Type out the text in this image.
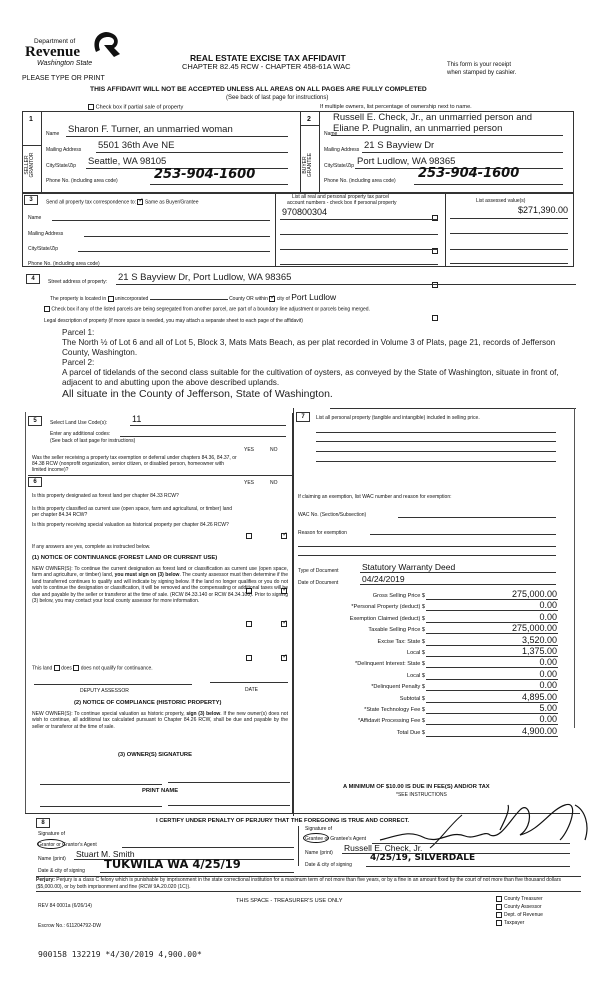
Department of
Revenue
Washington State
PLEASE TYPE OR PRINT
REAL ESTATE EXCISE TAX AFFIDAVIT
CHAPTER 82.45 RCW - CHAPTER 458-61A WAC	This form is your receipt
when stamped by cashier.
THIS AFFIDAVIT WILL NOT BE ACCEPTED UNLESS ALL AREAS ON ALL PAGES ARE FULLY COMPLETED
(See back of last page for instructions)
Check box if partial sale of property	If multiple owners, list percentage of ownership next to name.
1
SELLER
GRANTOR
Name Sharon F. Turner, an unmarried woman
Mailing Address 5501 36th Ave NE
City/State/Zip Seattle, WA 98105
Phone No. (including area code)	253-904-1600
2
BUYER
GRANTEE
Russell E. Check, Jr., an unmarried person and
Name
Eliane P. Pugnalin, an unmarried person
Mailing Address 21 S Bayview Dr
City/State/Zip Port Ludlow, WA 98365
Phone No. (including area code) 253-904-1600
3	Send all property tax correspondence to: ✓ Same as Buyer/Grantee
Name
Mailing Address
City/State/Zip
Phone No. (including area code)
List all real and personal property tax parcel
account numbers - check box if personal property	List assessed value(s)
970800304	$271,390.00
4	Street address of property: 21 S Bayview Dr, Port Ludlow, WA 98365
The property is located in unincorporated	County OR within ✓ city of Port Ludlow
Check box if any of the listed parcels are being segregated from another parcel, are part of a boundary line adjustment or parcels being merged.
Legal description of property (if more space is needed, you may attach a separate sheet to each page of the affidavit)
Parcel 1:
The North ½ of Lot 6 and all of Lot 5, Block 3, Mats Mats Beach, as per plat recorded in Volume 3 of Plats, page 21, records of Jefferson County, Washington.
Parcel 2:
A parcel of tidelands of the second class suitable for the cultivation of oysters, as conveyed by the State of Washington, situate in front of, adjacent to and abutting upon the above described uplands.
All situate in the County of Jefferson, State of Washington.
5	Select Land Use Code(s):	11
Enter any additional codes:
(See back of last page for instructions)
YES	NO
Was the seller receiving a property tax exemption or deferral under chapters 84.36, 84.37, or 84.38 RCW (nonprofit organization, senior citizen, or disabled person, homeowner with limited income)?
✓
6	YES	NO
Is this property designated as forest land per chapter 84.33 RCW?
✓
Is this property classified as current use (open space, farm and agricultural, or timber) land per chapter 84.34 RCW?
✓
Is this property receiving special valuation as historical property per chapter 84.26 RCW?
✓
If any answers are yes, complete as instructed below.
(1) NOTICE OF CONTINUANCE (FOREST LAND OR CURRENT USE)
NEW OWNER(S): To continue the current designation as forest land or classification as current use (open space, farm and agriculture, or timber) land, you must sign on (3) below. The county assessor must then determine if the land transferred continues to qualify and will indicate by signing below. If the land no longer qualifies or you do not wish to continue the designation or classification, it will be removed and the compensating or additional taxes will be due and payable by the seller or transferor at the time of sale. (RCW 84.33.140 or RCW 84.34.108). Prior to signing (3) below, you may contact your local county assessor for more information.
This land does does not qualify for continuance.
DEPUTY ASSESSOR	DATE
(2) NOTICE OF COMPLIANCE (HISTORIC PROPERTY)
NEW OWNER(S): To continue special valuation as historic property, sign (3) below. If the new owner(s) does not wish to continue, all additional tax calculated pursuant to Chapter 84.26 RCW, shall be due and payable by the seller or transferor at the time of sale.
(3) OWNER(S) SIGNATURE
PRINT NAME
7	List all personal property (tangible and intangible) included in selling price.
If claiming an exemption, list WAC number and reason for exemption:
WAC No. (Section/Subsection)
Reason for exemption
Type of Document	Statutory Warranty Deed
Date of Document	04/24/2019
Gross Selling Price $	275,000.00
*Personal Property (deduct) $	0.00
Exemption Claimed (deduct) $	0.00
Taxable Selling Price $	275,000.00
Excise Tax: State $	3,520.00
Local $	1,375.00
*Delinquent Interest: State $	0.00
Local $	0.00
*Delinquent Penalty $	0.00
Subtotal $	4,895.00
*State Technology Fee $	5.00
*Affidavit Processing Fee $	0.00
Total Due $	4,900.00
A MINIMUM OF $10.00 IS DUE IN FEE(S) AND/OR TAX
*SEE INSTRUCTIONS
8	I CERTIFY UNDER PENALTY OF PERJURY THAT THE FOREGOING IS TRUE AND CORRECT.
Signature of
Grantor or Grantor's Agent
Name (print) Stuart M. Smith
Date & city of signing TUKWILA WA 4/25/19
Signature of
Grantee or Grantee's Agent
Name (print) Russell E. Check, Jr.
Date & city of signing
4/25/19, SILVERDALE
Perjury: Perjury is a class C felony which is punishable by imprisonment in the state correctional institution for a maximum term of not more than five years, or by a fine in an amount fixed by the court of not more than five thousand dollars ($5,000.00), or by both imprisonment and fine (RCW 9A.20.020 (1C)).
REV 84 0001a (6/26/14)
THIS SPACE - TREASURER'S USE ONLY
Escrow No.: 611204792-DW
County Treasurer
County Assessor
Dept. of Revenue
Taxpayer
900158 132219 *4/30/2019 4,900.00*
